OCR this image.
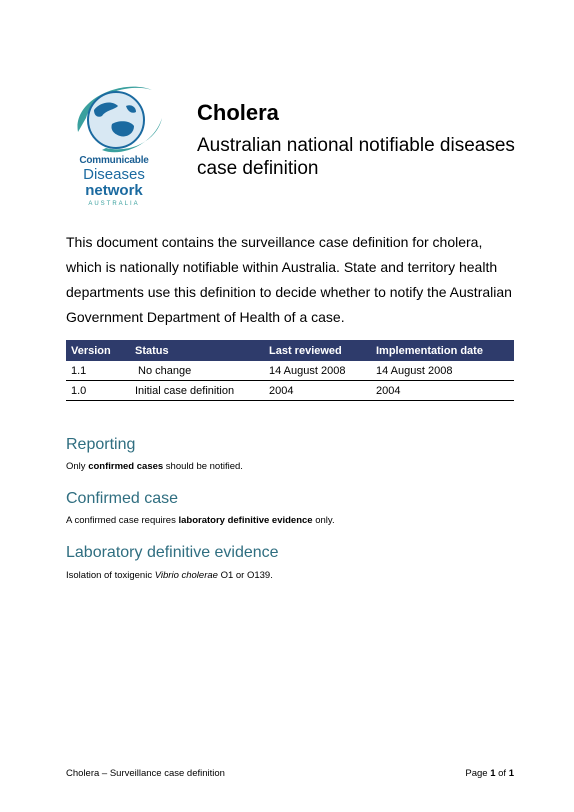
Communicable
Diseases
network
AUSTRALIA
Cholera
Australian national notifiable diseases case definition

This document contains the surveillance case definition for cholera, which is nationally notifiable within Australia. State and territory health departments use this definition to decide whether to notify the Australian Government Department of Health of a case.

Version	Status	Last reviewed	Implementation date
1.1	No change	14 August 2008	14 August 2008
1.0	Initial case definition	2004	2004
Reporting

Only confirmed cases should be notified.

Confirmed case

A confirmed case requires laboratory definitive evidence only.

Laboratory definitive evidence

Isolation of toxigenic Vibrio cholerae O1 or O139.

Cholera – Surveillance case definition	Page 1 of 1
